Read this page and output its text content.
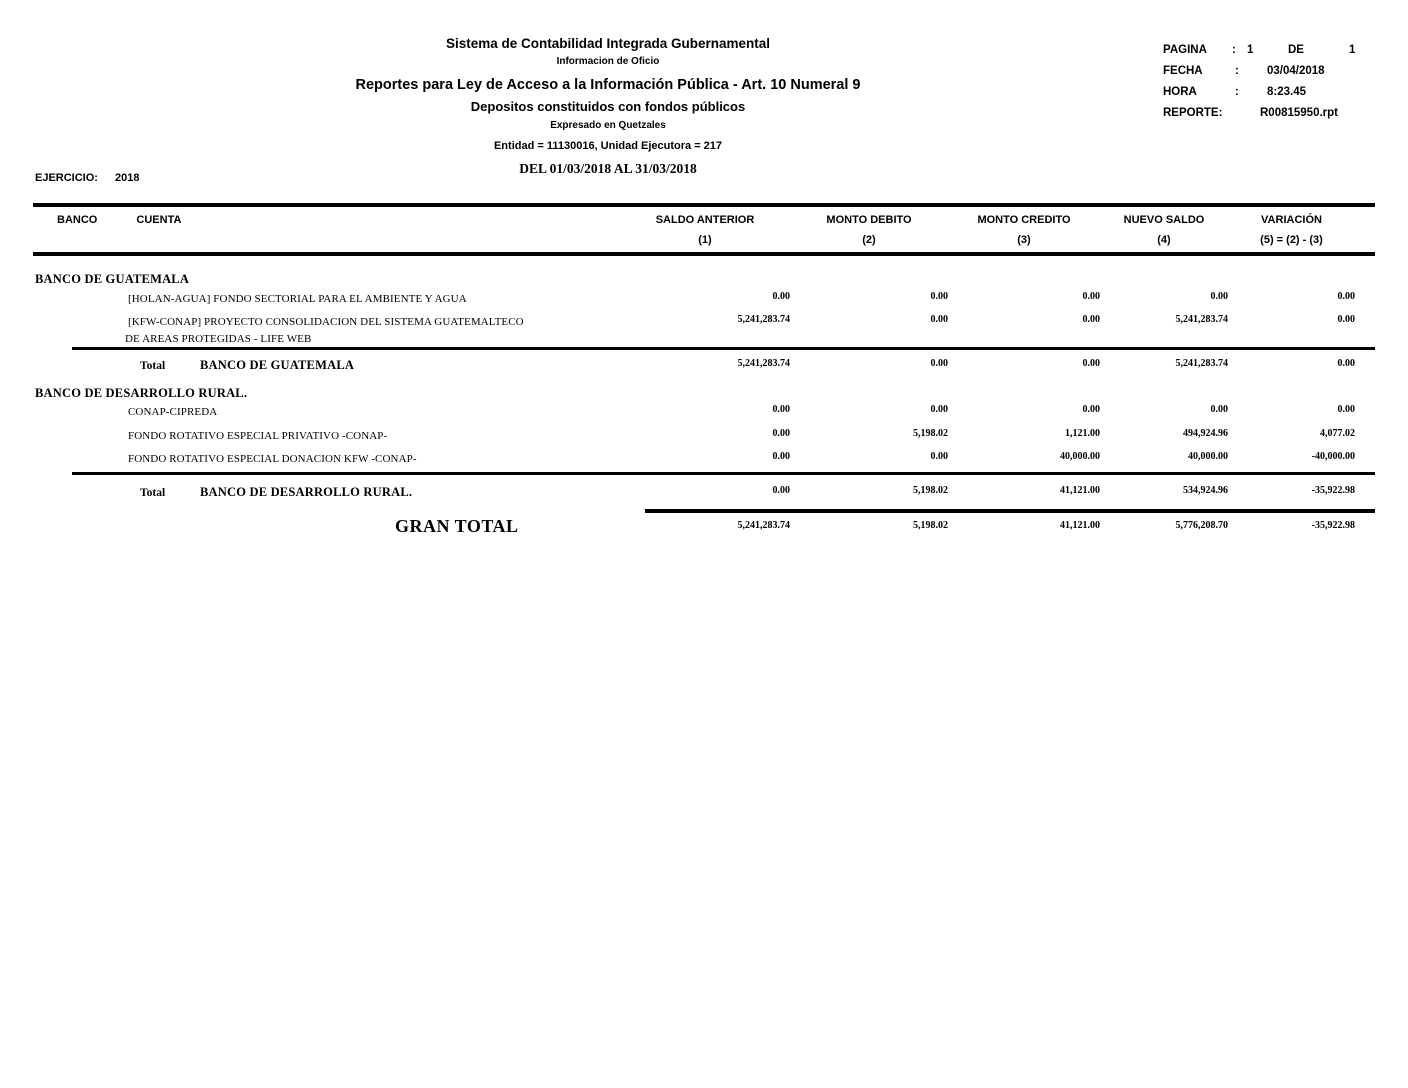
Sistema de Contabilidad Integrada Gubernamental
Informacion de Oficio
Reportes para Ley de Acceso a la Información Pública - Art. 10 Numeral 9
Depositos constituidos con fondos públicos
Expresado en Quetzales
Entidad = 11130016, Unidad Ejecutora = 217
DEL 01/03/2018 AL 31/03/2018
PAGINA : 1	DE	1
FECHA	: 03/04/2018
HORA	: 8:23.45
REPORTE:	R00815950.rpt
EJERCICIO: 2018
BANCO	CUENTA	SALDO ANTERIOR	MONTO DEBITO	MONTO CREDITO	NUEVO SALDO	VARIACIÓN
(1)	(2)	(3)	(4)	(5) = (2) - (3)
BANCO DE GUATEMALA
[HOLAN-AGUA] FONDO SECTORIAL PARA EL AMBIENTE Y AGUA	0.00	0.00	0.00	0.00	0.00
[KFW-CONAP] PROYECTO CONSOLIDACION DEL SISTEMA GUATEMALTECO
DE AREAS PROTEGIDAS - LIFE WEB
5,241,283.74	0.00	0.00	5,241,283.74	0.00
Total	BANCO DE GUATEMALA	5,241,283.74	0.00	0.00	5,241,283.74	0.00
BANCO DE DESARROLLO RURAL.
CONAP-CIPREDA	0.00	0.00	0.00	0.00	0.00
FONDO ROTATIVO ESPECIAL PRIVATIVO -CONAP-	0.00	5,198.02	1,121.00	494,924.96	4,077.02
FONDO ROTATIVO ESPECIAL DONACION KFW -CONAP-	0.00	0.00	40,000.00	40,000.00	-40,000.00
Total	BANCO DE DESARROLLO RURAL.	0.00	5,198.02	41,121.00	534,924.96	-35,922.98
GRAN TOTAL	5,241,283.74	5,198.02	41,121.00	5,776,208.70	-35,922.98
